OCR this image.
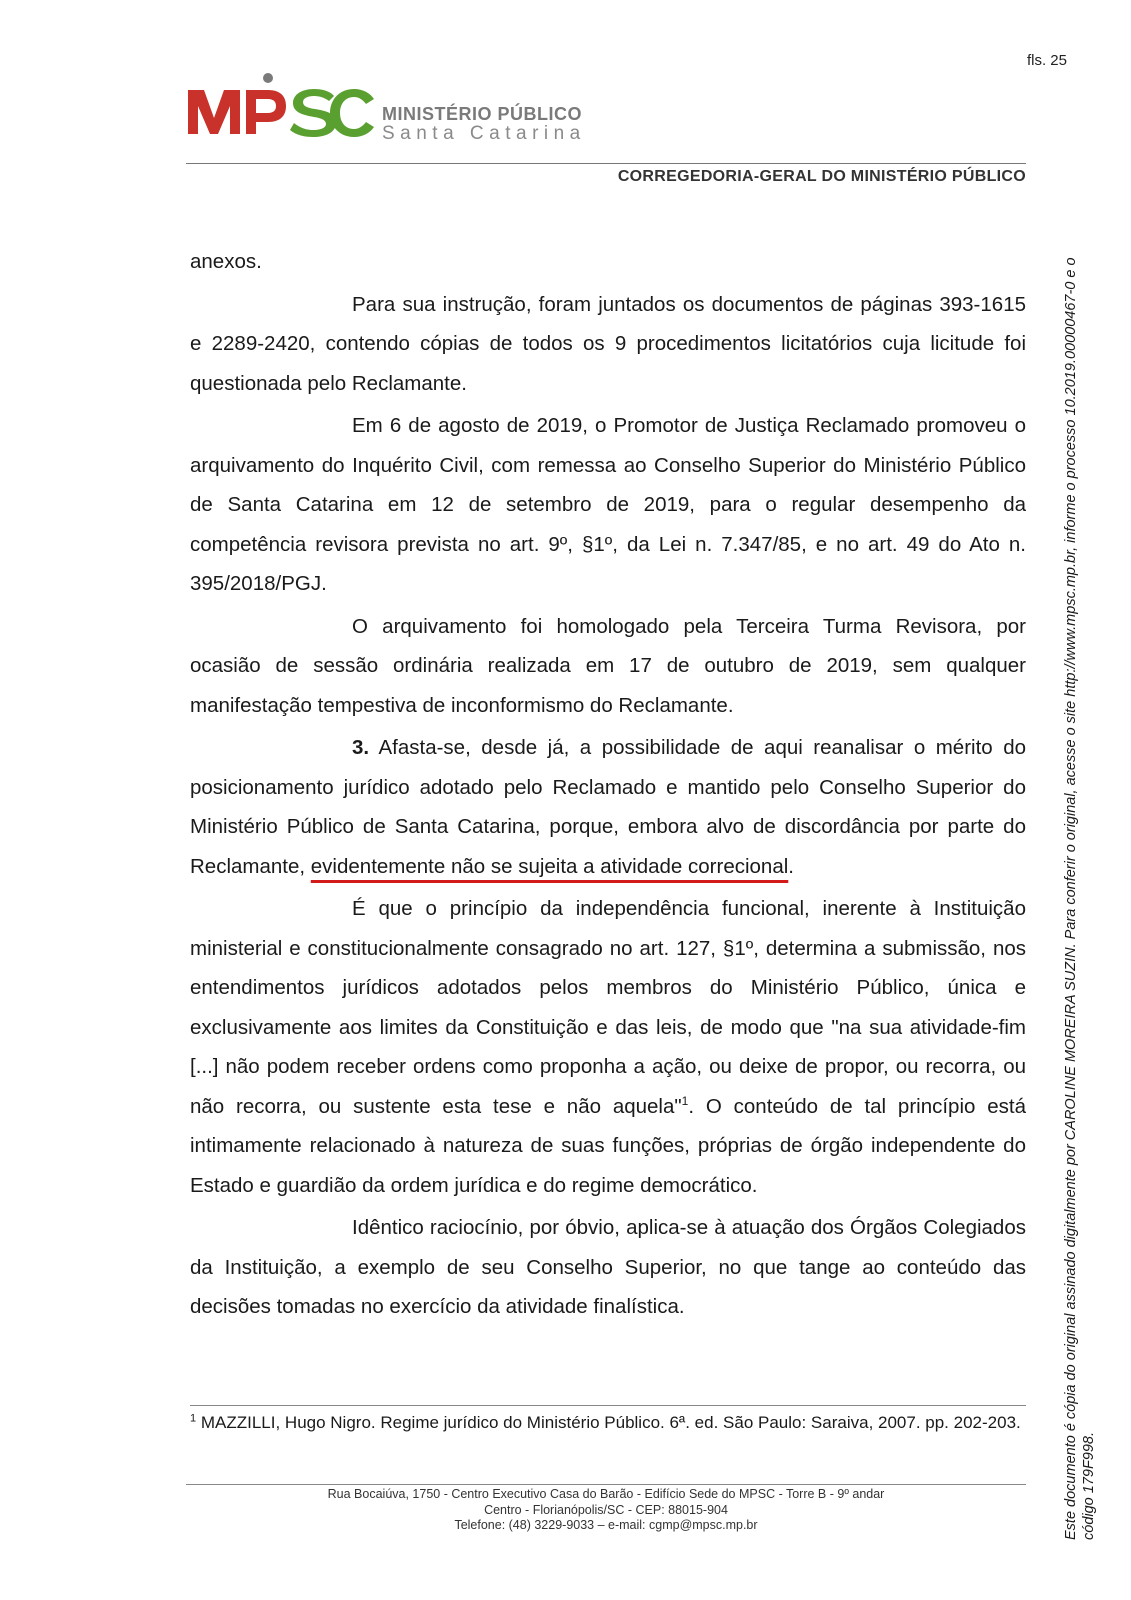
fls. 25
MINISTÉRIO PÚBLICO
Santa Catarina
CORREGEDORIA-GERAL DO MINISTÉRIO PÚBLICO

anexos.

Para sua instrução, foram juntados os documentos de páginas 393-1615 e 2289-2420, contendo cópias de todos os 9 procedimentos licitatórios cuja licitude foi questionada pelo Reclamante.

Em 6 de agosto de 2019, o Promotor de Justiça Reclamado promoveu o arquivamento do Inquérito Civil, com remessa ao Conselho Superior do Ministério Público de Santa Catarina em 12 de setembro de 2019, para o regular desempenho da competência revisora prevista no art. 9º, §1º, da Lei n. 7.347/85, e no art. 49 do Ato n. 395/2018/PGJ.

O arquivamento foi homologado pela Terceira Turma Revisora, por ocasião de sessão ordinária realizada em 17 de outubro de 2019, sem qualquer manifestação tempestiva de inconformismo do Reclamante.

3. Afasta-se, desde já, a possibilidade de aqui reanalisar o mérito do posicionamento jurídico adotado pelo Reclamado e mantido pelo Conselho Superior do Ministério Público de Santa Catarina, porque, embora alvo de discordância por parte do Reclamante, evidentemente não se sujeita a atividade correcional.

É que o princípio da independência funcional, inerente à Instituição ministerial e constitucionalmente consagrado no art. 127, §1º, determina a submissão, nos entendimentos jurídicos adotados pelos membros do Ministério Público, única e exclusivamente aos limites da Constituição e das leis, de modo que "na sua atividade-fim [...] não podem receber ordens como proponha a ação, ou deixe de propor, ou recorra, ou não recorra, ou sustente esta tese e não aquela"$^1$. O conteúdo de tal princípio está intimamente relacionado à natureza de suas funções, próprias de órgão independente do Estado e guardião da ordem jurídica e do regime democrático.

Idêntico raciocínio, por óbvio, aplica-se à atuação dos Órgãos Colegiados da Instituição, a exemplo de seu Conselho Superior, no que tange ao conteúdo das decisões tomadas no exercício da atividade finalística.

$^1$ MAZZILLI, Hugo Nigro. Regime jurídico do Ministério Público. 6ª. ed. São Paulo: Saraiva, 2007. pp. 202-203.
Rua Bocaiúva, 1750 - Centro Executivo Casa do Barão - Edifício Sede do MPSC - Torre B - 9º andar
Centro - Florianópolis/SC - CEP: 88015-904
Telefone: (48) 3229-9033 – e-mail: cgmp@mpsc.mp.br	Este documento é cópia do original assinado digitalmente por CAROLINE MOREIRA SUZIN. Para conferir o original, acesse o site http://www.mpsc.mp.br, informe o processo 10.2019.00000467-0 e o código 179F998.
